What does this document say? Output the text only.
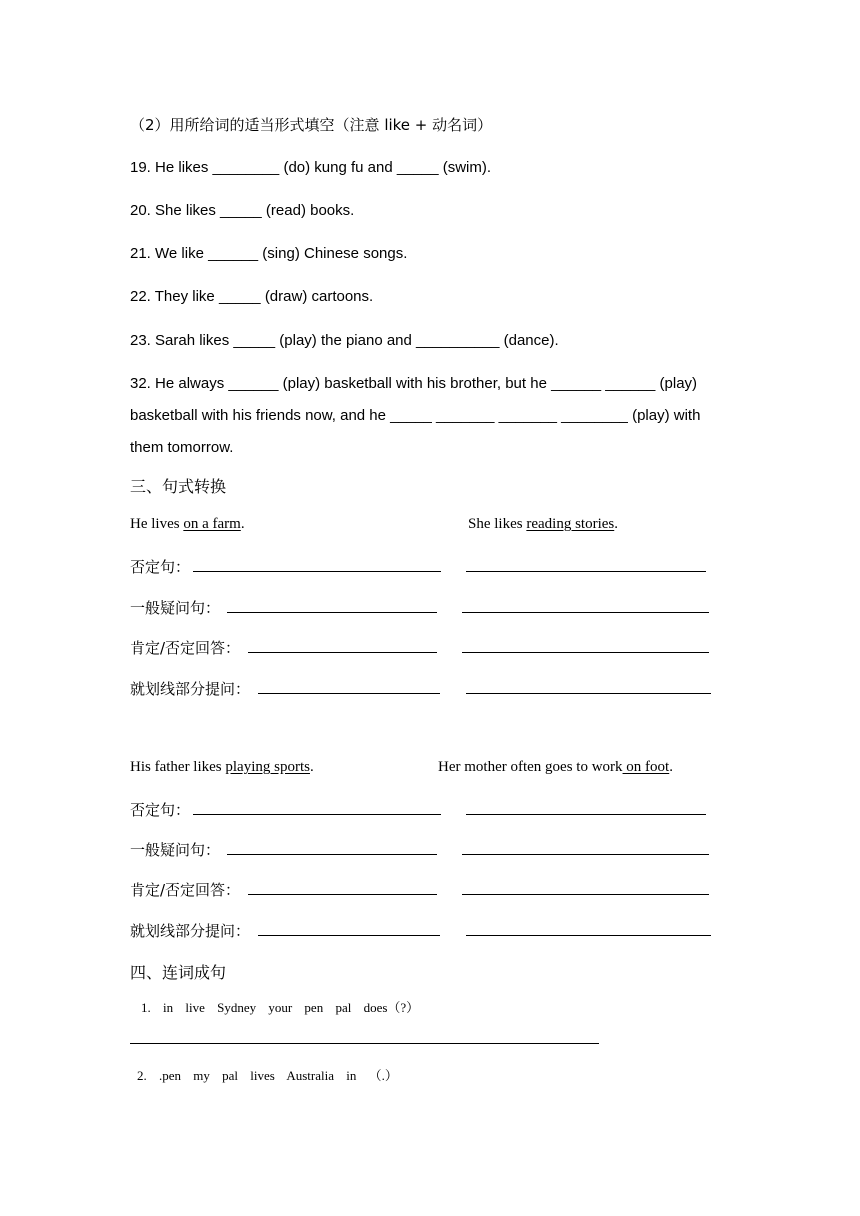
（2）用所给词的适当形式填空（注意 like + 动名词）
19. He likes ________ (do) kung fu and _____ (swim).
20. She likes _____ (read) books.
21. We like ______ (sing) Chinese songs.
22. They like _____ (draw) cartoons.
23. Sarah likes _____ (play) the piano and __________ (dance).
32. He always ______ (play) basketball with his brother, but he ______ ______ (play)
basketball with his friends now, and he _____ _______ _______ ________ (play) with
them tomorrow.
三、句式转换
He lives on a farm.	She likes reading stories.
否定句：
一般疑问句：
肯定/否定回答：
就划线部分提问：
His father likes playing sports.	Her mother often goes to work on foot.
否定句：
一般疑问句：
肯定/否定回答：
就划线部分提问：
四、连词成句
1. in live Sydney your pen pal does（?）
2. .pen my pal lives Australia in （.）
